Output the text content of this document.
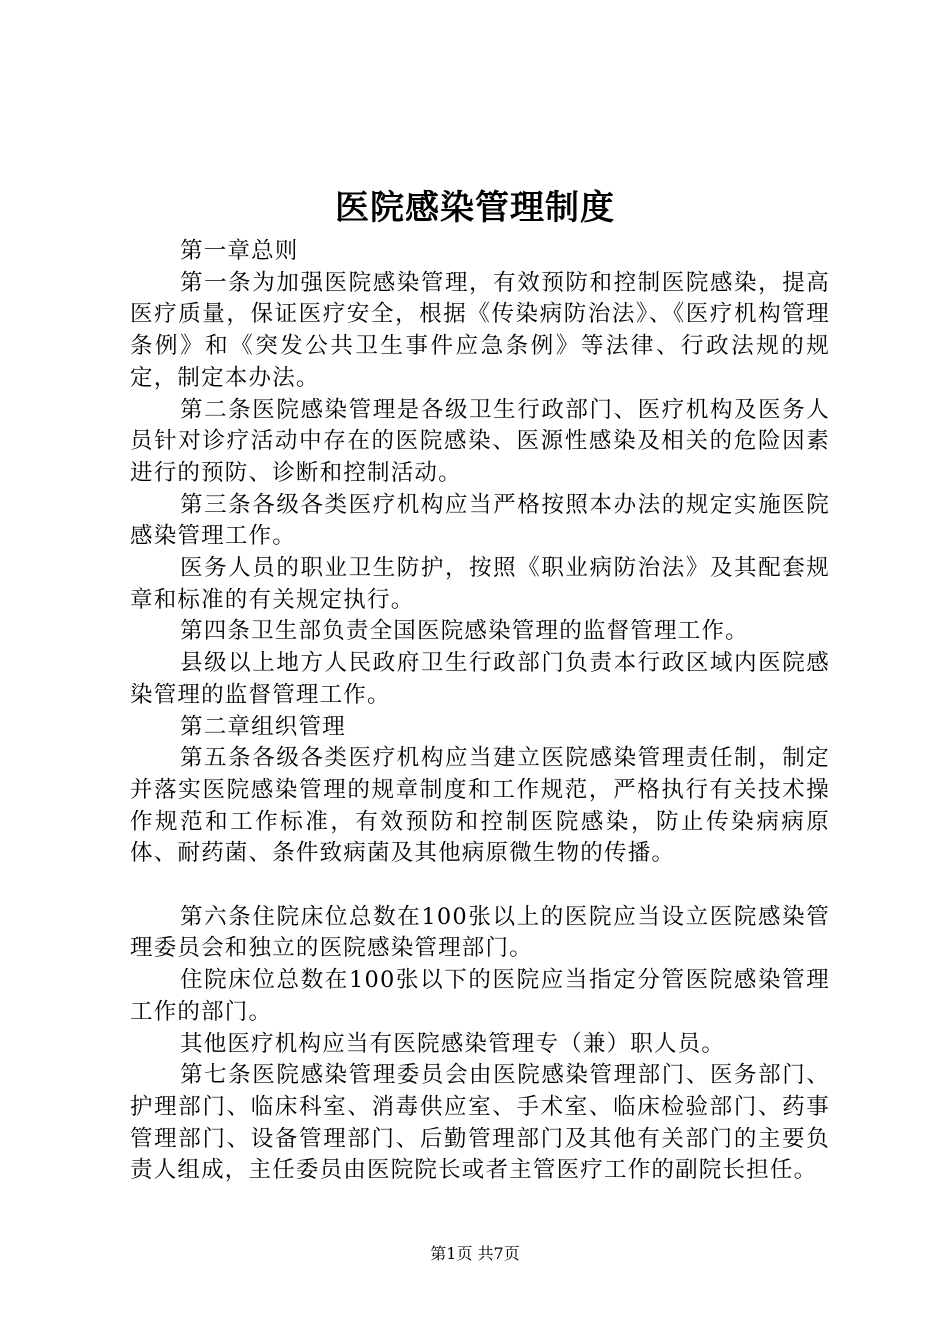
医院感染管理制度

第一章总则

第一条为加强医院感染管理，有效预防和控制医院感染，提高医疗质量，保证医疗安全，根据《传染病防治法》、《医疗机构管理条例》和《突发公共卫生事件应急条例》等法律、行政法规的规定，制定本办法。

第二条医院感染管理是各级卫生行政部门、医疗机构及医务人员针对诊疗活动中存在的医院感染、医源性感染及相关的危险因素进行的预防、诊断和控制活动。

第三条各级各类医疗机构应当严格按照本办法的规定实施医院感染管理工作。

医务人员的职业卫生防护，按照《职业病防治法》及其配套规章和标准的有关规定执行。

第四条卫生部负责全国医院感染管理的监督管理工作。

县级以上地方人民政府卫生行政部门负责本行政区域内医院感染管理的监督管理工作。

第二章组织管理

第五条各级各类医疗机构应当建立医院感染管理责任制，制定并落实医院感染管理的规章制度和工作规范，严格执行有关技术操作规范和工作标准，有效预防和控制医院感染，防止传染病病原体、耐药菌、条件致病菌及其他病原微生物的传播。

第六条住院床位总数在100张以上的医院应当设立医院感染管理委员会和独立的医院感染管理部门。

住院床位总数在100张以下的医院应当指定分管医院感染管理工作的部门。

其他医疗机构应当有医院感染管理专（兼）职人员。

第七条医院感染管理委员会由医院感染管理部门、医务部门、护理部门、临床科室、消毒供应室、手术室、临床检验部门、药事管理部门、设备管理部门、后勤管理部门及其他有关部门的主要负责人组成，主任委员由医院院长或者主管医疗工作的副院长担任。

第1页 共7页
